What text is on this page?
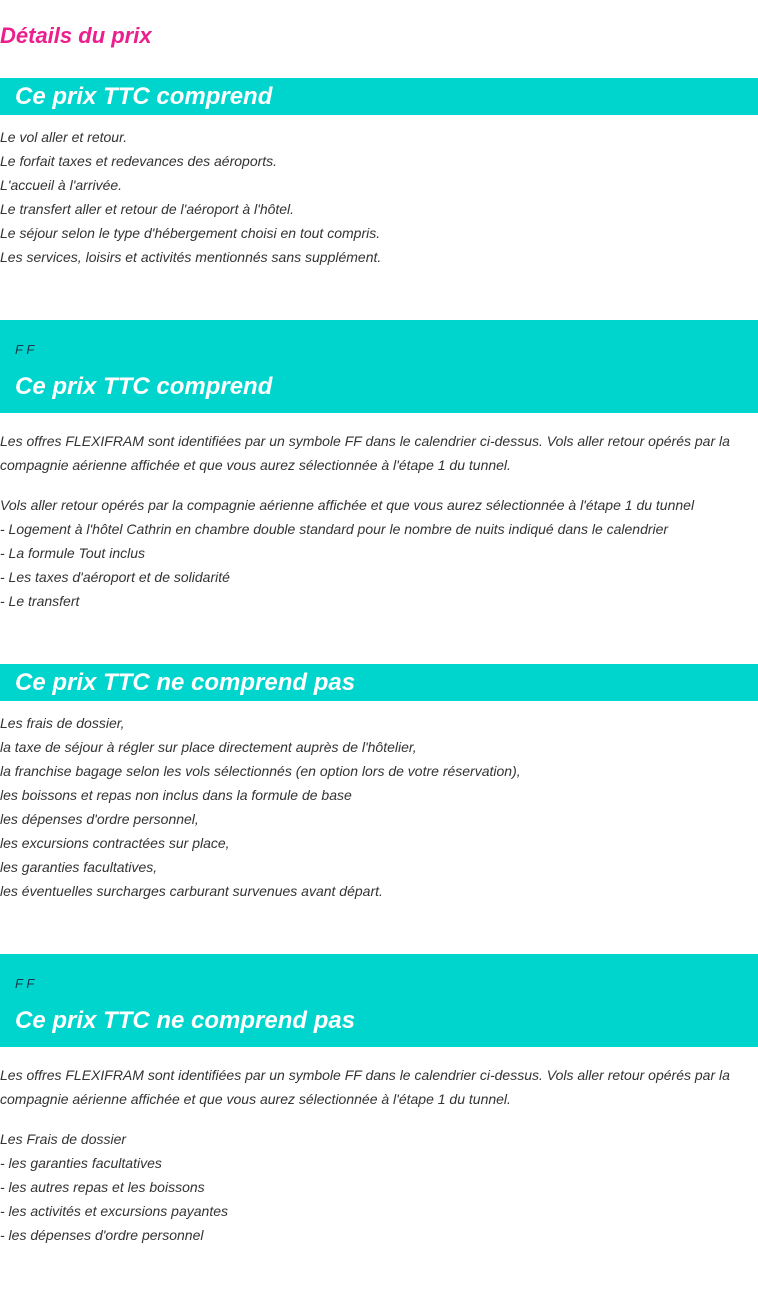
Détails du prix
Ce prix TTC comprend
Le vol aller et retour.
Le forfait taxes et redevances des aéroports.
L'accueil à l'arrivée.
Le transfert aller et retour de l'aéroport à l'hôtel.
Le séjour selon le type d'hébergement choisi en tout compris.
Les services, loisirs et activités mentionnés sans supplément.
F F
Ce prix TTC comprend

Les offres FLEXIFRAM sont identifiées par un symbole FF dans le calendrier ci-dessus. Vols aller retour opérés par la compagnie aérienne affichée et que vous aurez sélectionnée à l'étape 1 du tunnel.

Vols aller retour opérés par la compagnie aérienne affichée et que vous aurez sélectionnée à l'étape 1 du tunnel
- Logement à l'hôtel Cathrin en chambre double standard pour le nombre de nuits indiqué dans le calendrier
- La formule Tout inclus
- Les taxes d'aéroport et de solidarité
- Le transfert
Ce prix TTC ne comprend pas
Les frais de dossier,
la taxe de séjour à régler sur place directement auprès de l'hôtelier,
la franchise bagage selon les vols sélectionnés (en option lors de votre réservation),
les boissons et repas non inclus dans la formule de base
les dépenses d'ordre personnel,
les excursions contractées sur place,
les garanties facultatives,
les éventuelles surcharges carburant survenues avant départ.
F F
Ce prix TTC ne comprend pas

Les offres FLEXIFRAM sont identifiées par un symbole FF dans le calendrier ci-dessus. Vols aller retour opérés par la compagnie aérienne affichée et que vous aurez sélectionnée à l'étape 1 du tunnel.

Les Frais de dossier
- les garanties facultatives
- les autres repas et les boissons
- les activités et excursions payantes
- les dépenses d'ordre personnel
